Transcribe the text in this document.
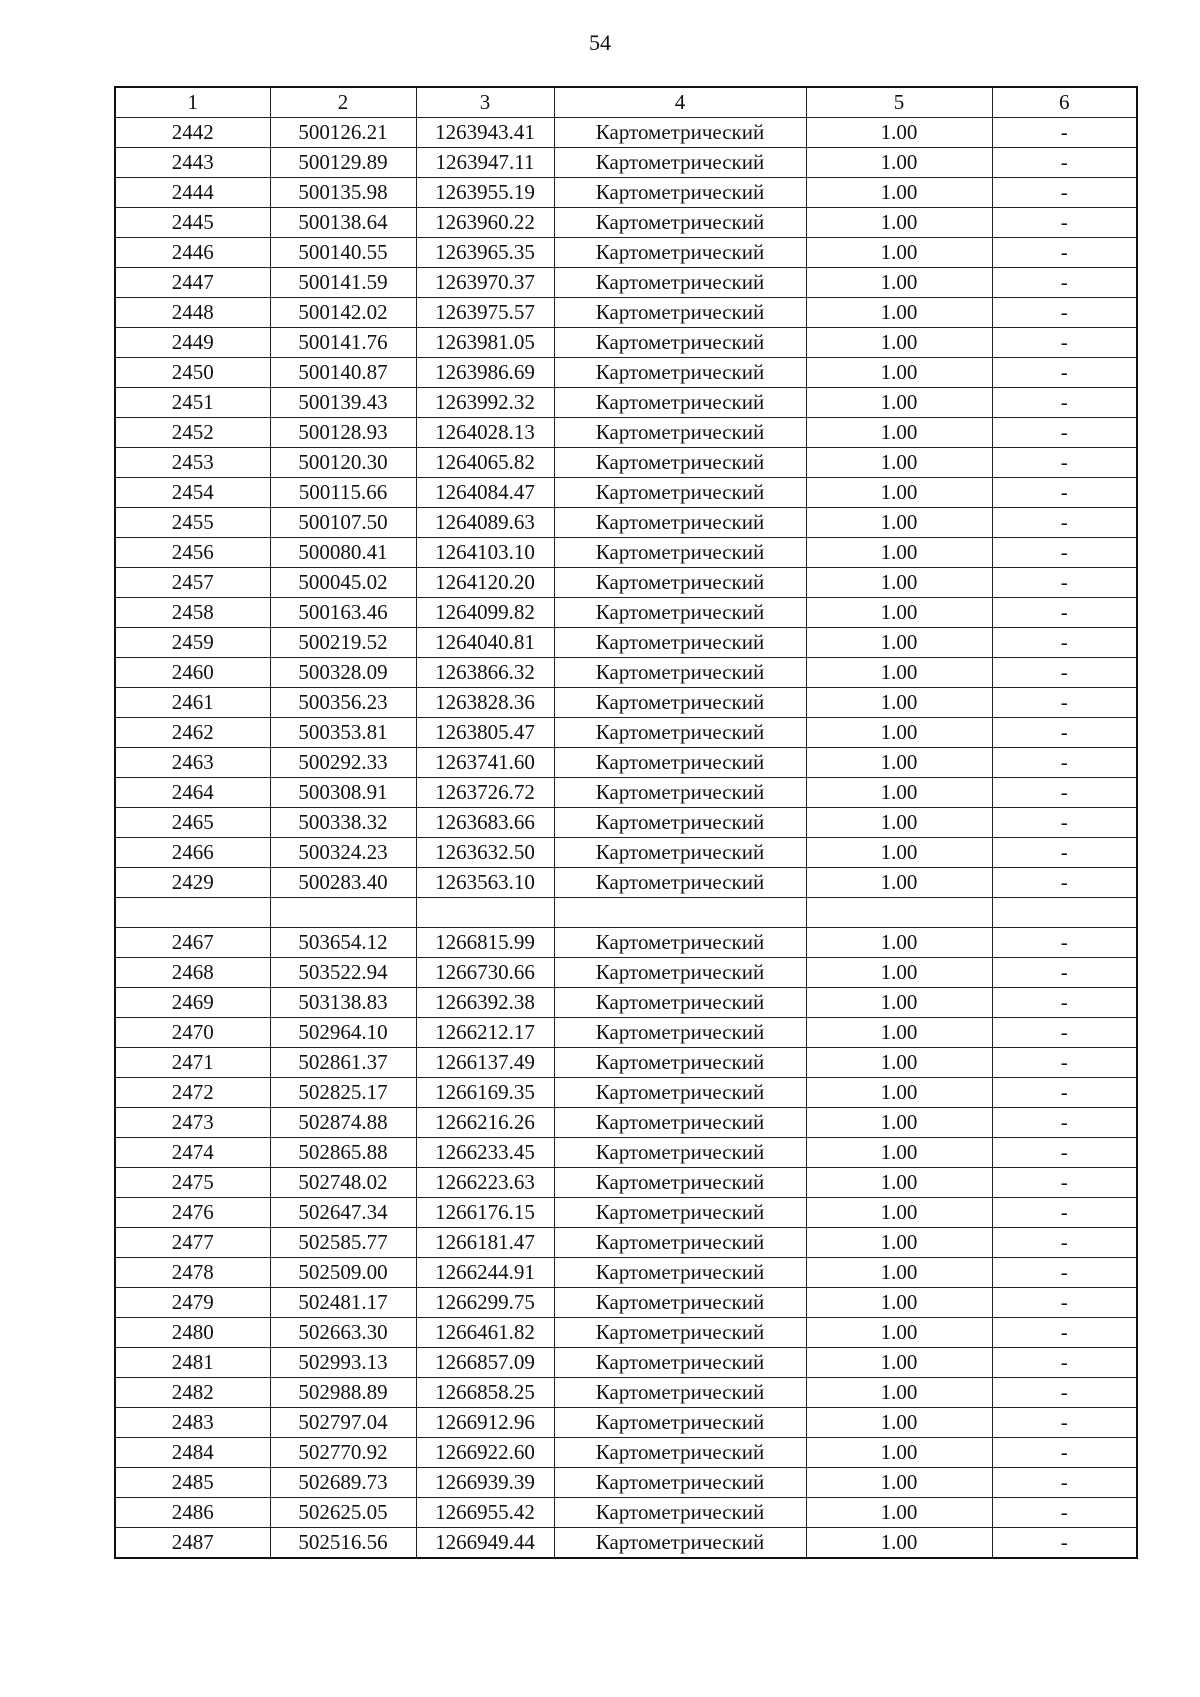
54
1	2	3	4	5	6
2442	500126.21	1263943.41	Картометрический	1.00	-
2443	500129.89	1263947.11	Картометрический	1.00	-
2444	500135.98	1263955.19	Картометрический	1.00	-
2445	500138.64	1263960.22	Картометрический	1.00	-
2446	500140.55	1263965.35	Картометрический	1.00	-
2447	500141.59	1263970.37	Картометрический	1.00	-
2448	500142.02	1263975.57	Картометрический	1.00	-
2449	500141.76	1263981.05	Картометрический	1.00	-
2450	500140.87	1263986.69	Картометрический	1.00	-
2451	500139.43	1263992.32	Картометрический	1.00	-
2452	500128.93	1264028.13	Картометрический	1.00	-
2453	500120.30	1264065.82	Картометрический	1.00	-
2454	500115.66	1264084.47	Картометрический	1.00	-
2455	500107.50	1264089.63	Картометрический	1.00	-
2456	500080.41	1264103.10	Картометрический	1.00	-
2457	500045.02	1264120.20	Картометрический	1.00	-
2458	500163.46	1264099.82	Картометрический	1.00	-
2459	500219.52	1264040.81	Картометрический	1.00	-
2460	500328.09	1263866.32	Картометрический	1.00	-
2461	500356.23	1263828.36	Картометрический	1.00	-
2462	500353.81	1263805.47	Картометрический	1.00	-
2463	500292.33	1263741.60	Картометрический	1.00	-
2464	500308.91	1263726.72	Картометрический	1.00	-
2465	500338.32	1263683.66	Картометрический	1.00	-
2466	500324.23	1263632.50	Картометрический	1.00	-
2429	500283.40	1263563.10	Картометрический	1.00	-

2467	503654.12	1266815.99	Картометрический	1.00	-
2468	503522.94	1266730.66	Картометрический	1.00	-
2469	503138.83	1266392.38	Картометрический	1.00	-
2470	502964.10	1266212.17	Картометрический	1.00	-
2471	502861.37	1266137.49	Картометрический	1.00	-
2472	502825.17	1266169.35	Картометрический	1.00	-
2473	502874.88	1266216.26	Картометрический	1.00	-
2474	502865.88	1266233.45	Картометрический	1.00	-
2475	502748.02	1266223.63	Картометрический	1.00	-
2476	502647.34	1266176.15	Картометрический	1.00	-
2477	502585.77	1266181.47	Картометрический	1.00	-
2478	502509.00	1266244.91	Картометрический	1.00	-
2479	502481.17	1266299.75	Картометрический	1.00	-
2480	502663.30	1266461.82	Картометрический	1.00	-
2481	502993.13	1266857.09	Картометрический	1.00	-
2482	502988.89	1266858.25	Картометрический	1.00	-
2483	502797.04	1266912.96	Картометрический	1.00	-
2484	502770.92	1266922.60	Картометрический	1.00	-
2485	502689.73	1266939.39	Картометрический	1.00	-
2486	502625.05	1266955.42	Картометрический	1.00	-
2487	502516.56	1266949.44	Картометрический	1.00	-
